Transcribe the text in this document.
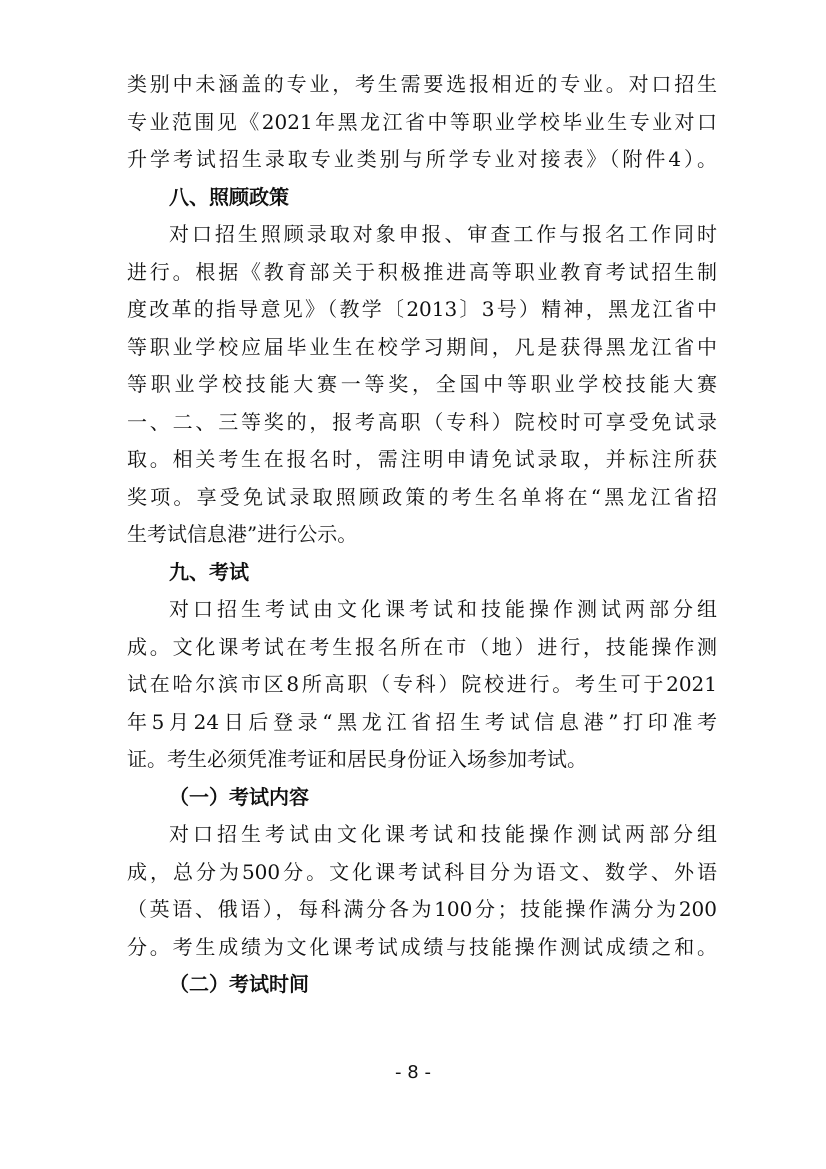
类别中未涵盖的专业，考生需要选报相近的专业。对口招生
专业范围见《2021年黑龙江省中等职业学校毕业生专业对口
升学考试招生录取专业类别与所学专业对接表》（附件4）。
八、照顾政策
对口招生照顾录取对象申报、审查工作与报名工作同时
进行。根据《教育部关于积极推进高等职业教育考试招生制
度改革的指导意见》（教学〔2013〕3号）精神，黑龙江省中
等职业学校应届毕业生在校学习期间，凡是获得黑龙江省中
等职业学校技能大赛一等奖，全国中等职业学校技能大赛
一、二、三等奖的，报考高职（专科）院校时可享受免试录
取。相关考生在报名时，需注明申请免试录取，并标注所获
奖项。享受免试录取照顾政策的考生名单将在“黑龙江省招
生考试信息港”进行公示。
九、考试
对口招生考试由文化课考试和技能操作测试两部分组
成。文化课考试在考生报名所在市（地）进行，技能操作测
试在哈尔滨市区8所高职（专科）院校进行。考生可于2021
年5月24日后登录“黑龙江省招生考试信息港”打印准考
证。考生必须凭准考证和居民身份证入场参加考试。
（一）考试内容
对口招生考试由文化课考试和技能操作测试两部分组
成，总分为500分。文化课考试科目分为语文、数学、外语
（英语、俄语），每科满分各为100分；技能操作满分为200
分。考生成绩为文化课考试成绩与技能操作测试成绩之和。
（二）考试时间
- 8 -
